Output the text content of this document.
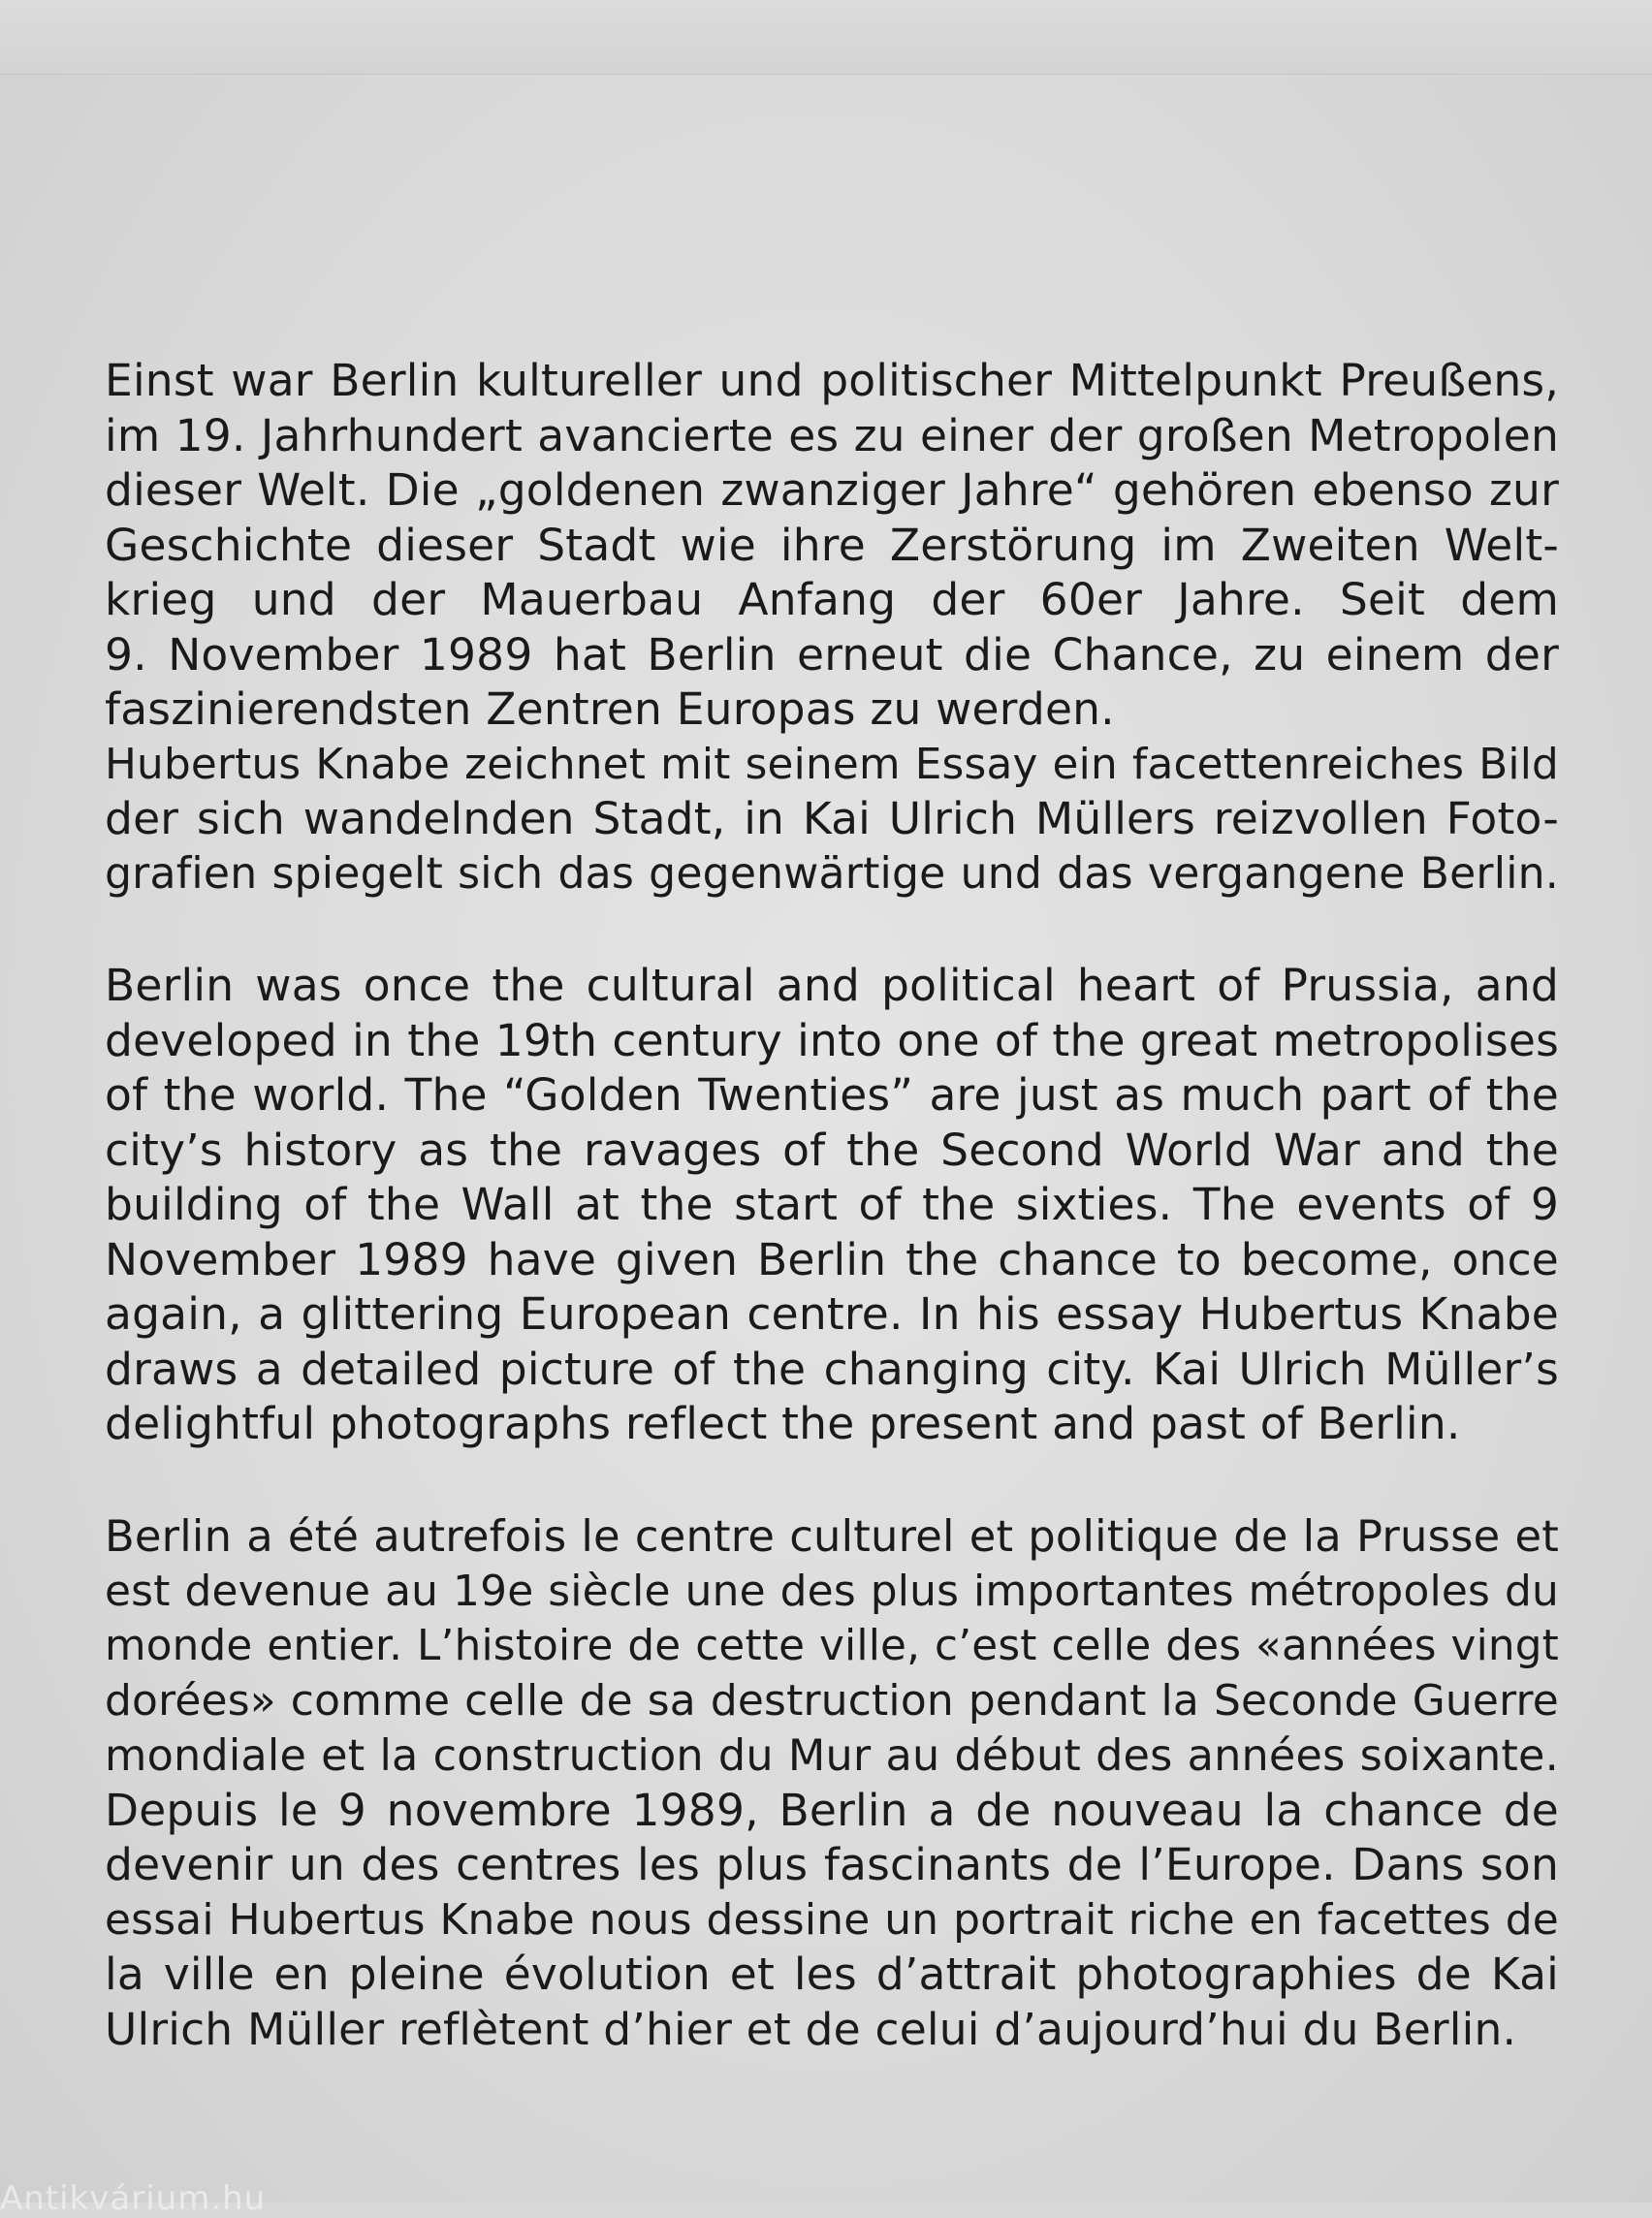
Einst war Berlin kultureller und politischer Mittelpunkt Preußens,
im 19. Jahrhundert avancierte es zu einer der großen Metropolen
dieser Welt. Die „goldenen zwanziger Jahre“ gehören ebenso zur
Geschichte dieser Stadt wie ihre Zerstörung im Zweiten Welt-
krieg und der Mauerbau Anfang der 60er Jahre. Seit dem
9. November 1989 hat Berlin erneut die Chance, zu einem der
faszinierendsten Zentren Europas zu werden.
Hubertus Knabe zeichnet mit seinem Essay ein facettenreiches Bild
der sich wandelnden Stadt, in Kai Ulrich Müllers reizvollen Foto-
grafien spiegelt sich das gegenwärtige und das vergangene Berlin.
Berlin was once the cultural and political heart of Prussia, and
developed in the 19th century into one of the great metropolises
of the world. The “Golden Twenties” are just as much part of the
city’s history as the ravages of the Second World War and the
building of the Wall at the start of the sixties. The events of 9
November 1989 have given Berlin the chance to become, once
again, a glittering European centre. In his essay Hubertus Knabe
draws a detailed picture of the changing city. Kai Ulrich Müller’s
delightful photographs reflect the present and past of Berlin.
Berlin a été autrefois le centre culturel et politique de la Prusse et
est devenue au 19e siècle une des plus importantes métropoles du
monde entier. L’histoire de cette ville, c’est celle des «années vingt
dorées» comme celle de sa destruction pendant la Seconde Guerre
mondiale et la construction du Mur au début des années soixante.
Depuis le 9 novembre 1989, Berlin a de nouveau la chance de
devenir un des centres les plus fascinants de l’Europe. Dans son
essai Hubertus Knabe nous dessine un portrait riche en facettes de
la ville en pleine évolution et les d’attrait photographies de Kai
Ulrich Müller reflètent d’hier et de celui d’aujourd’hui du Berlin.
Antikvárium.hu
